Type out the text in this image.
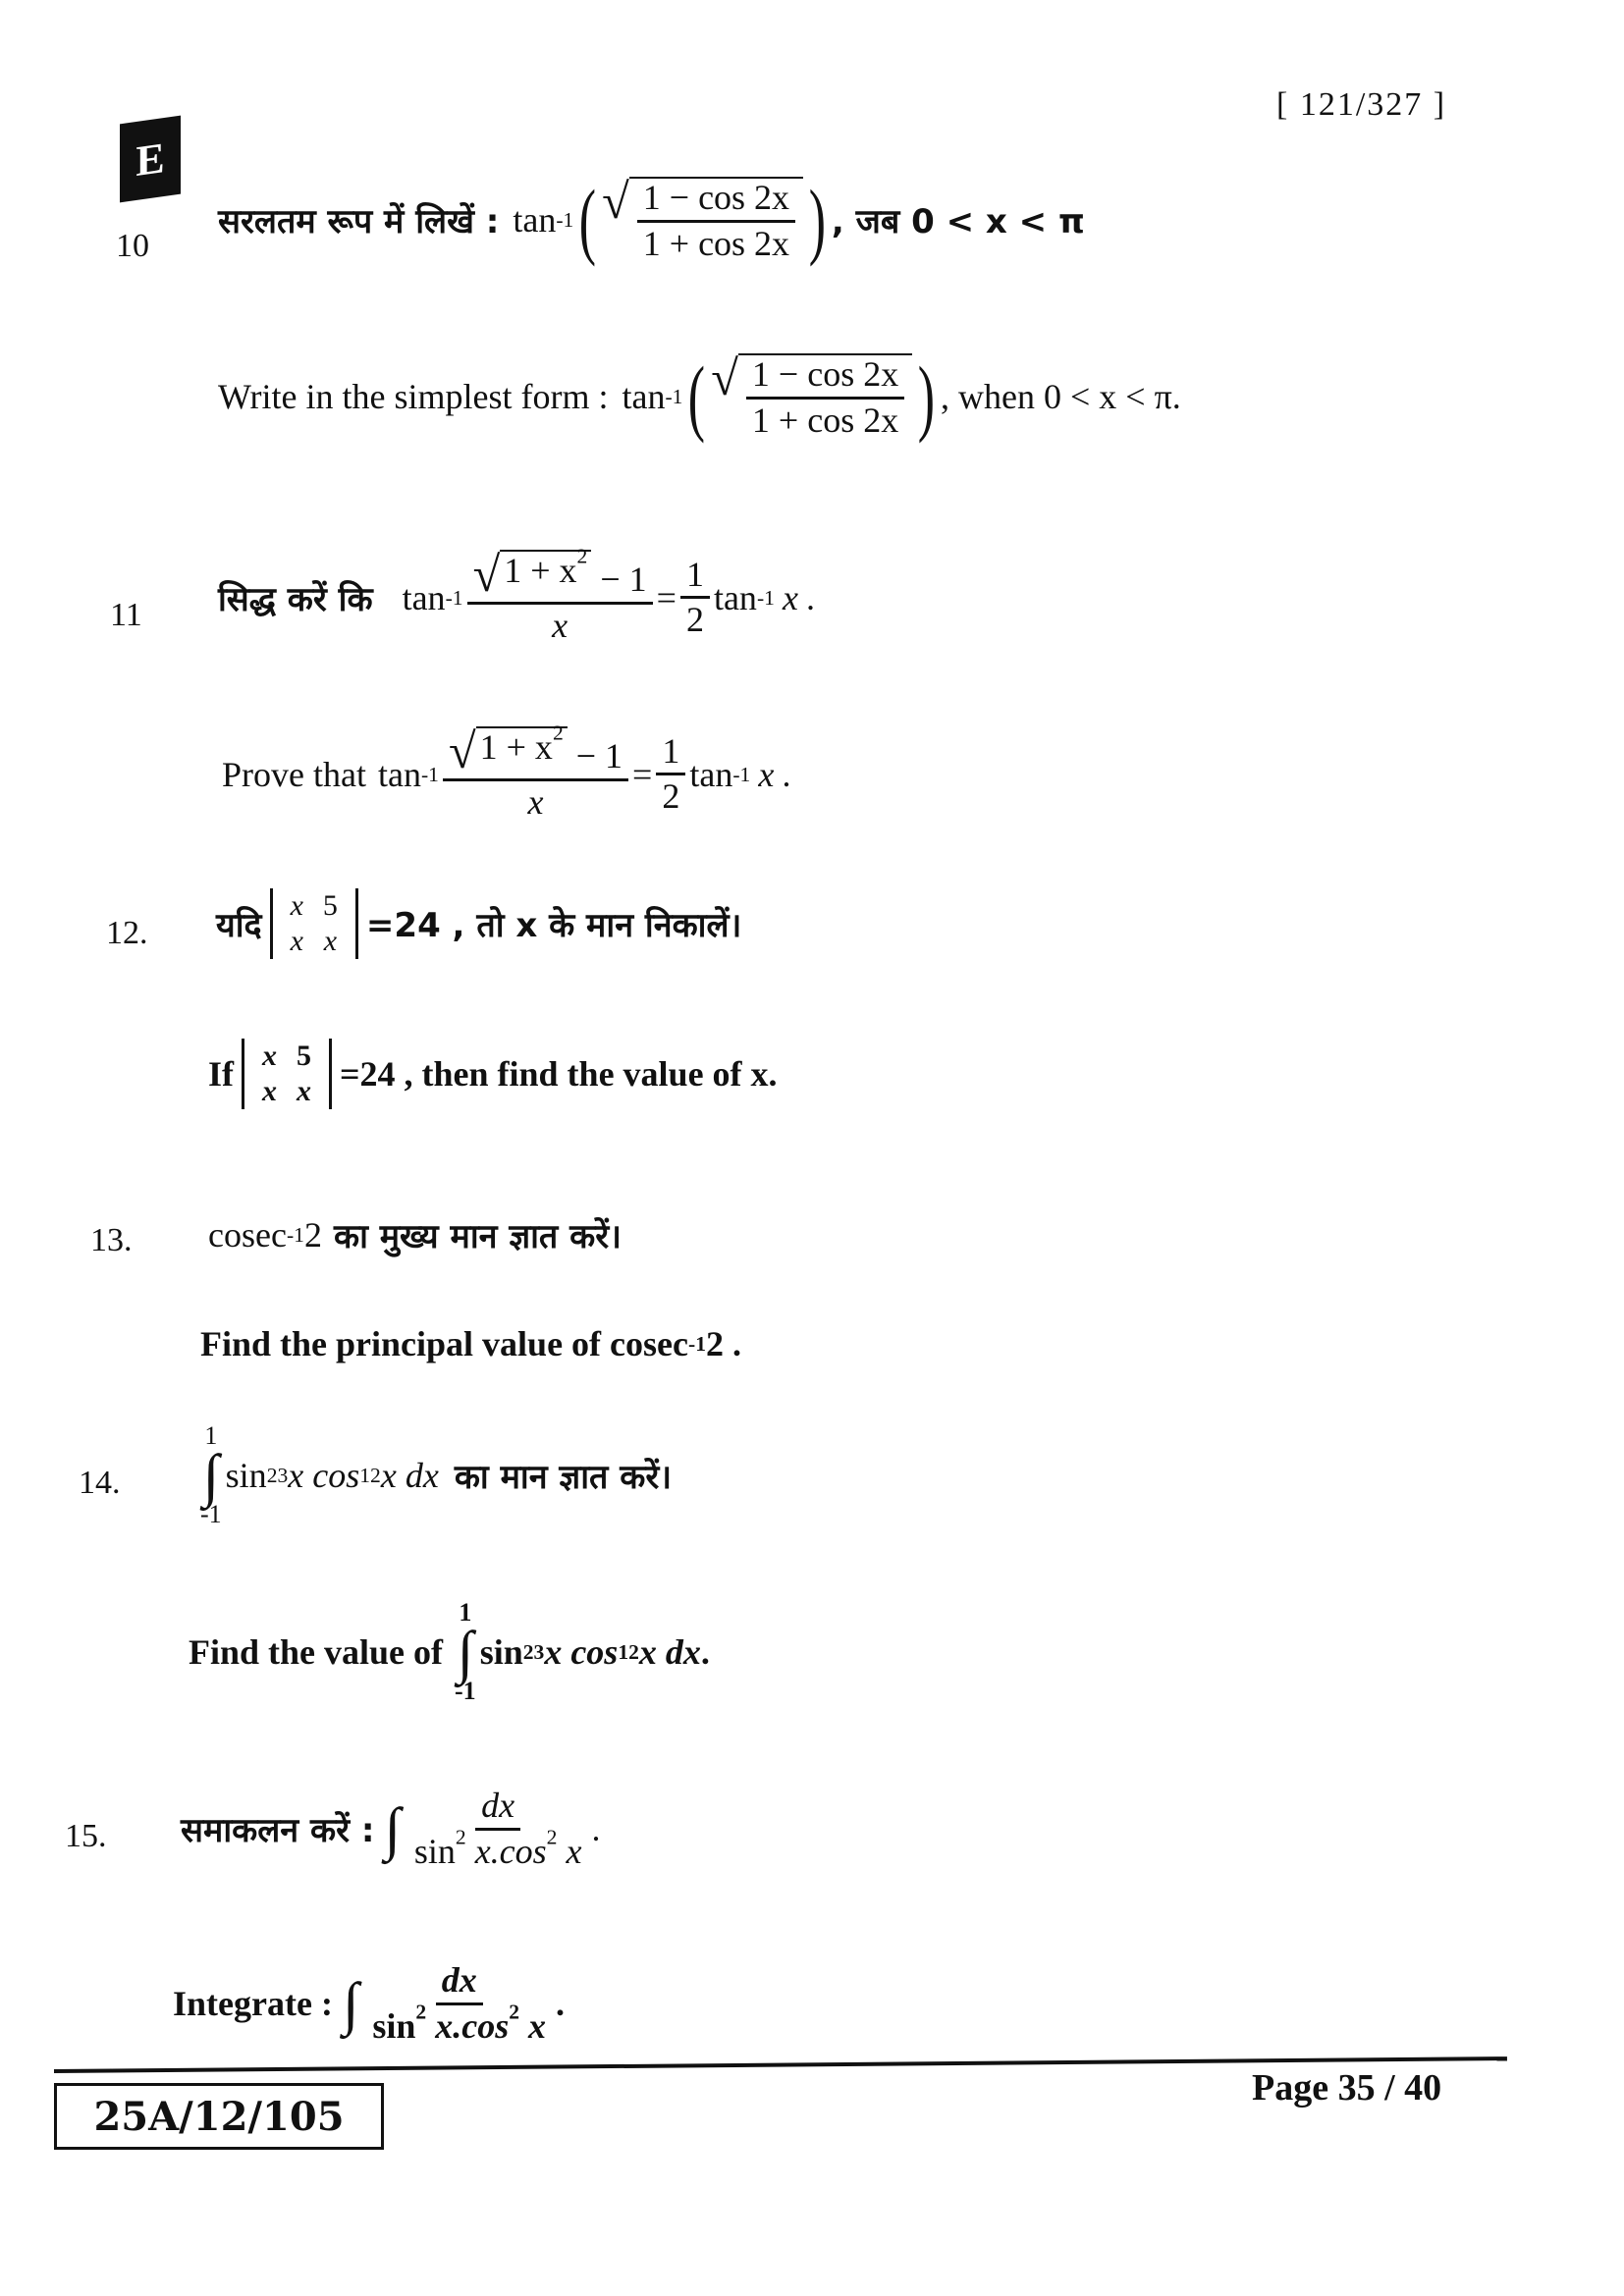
[ 121/327 ]
E
10
सरलतम रूप में लिखें : tan -1 ( √ $\frac{1 - \cos 2x}{1 + \cos 2x}$ ) , जब 0 < x < π
Write in the simplest form : tan -1 ( √ $\frac{1 - \cos 2x}{1 + \cos 2x}$ ) , when 0 < x < π.
11 सिद्ध करें कि tan -1 √ $1 + x^2$
− 1
$x = \frac{1}{2}$ tan -1 x .
Prove that tan -1 √ $1 + x^2$
− 1
$x = \frac{1}{2}$ tan -1 x .
12. यदि
x	5
x	x =24 , तो x के मान निकालें।
If x	5
x	x =24 , then find the value of x.
13. cosec -1 2 का मुख्य मान ज्ञात करें।
Find the principal value of cosec -1 2 .
14.
1
∫
-1
sin 23 x cos 12 x dx का मान ज्ञात करें।
Find the value of
1
∫
-1
sin 23 x cos 12 x dx .
15. समाकलन करें : ∫ $\frac{dx}{\sin^2 x.\cos^2 x}$ .
Integrate : ∫ $\frac{dx}{\sin^2 x.\cos^2 x}$ .
25A/12/105
Page 35 / 40
